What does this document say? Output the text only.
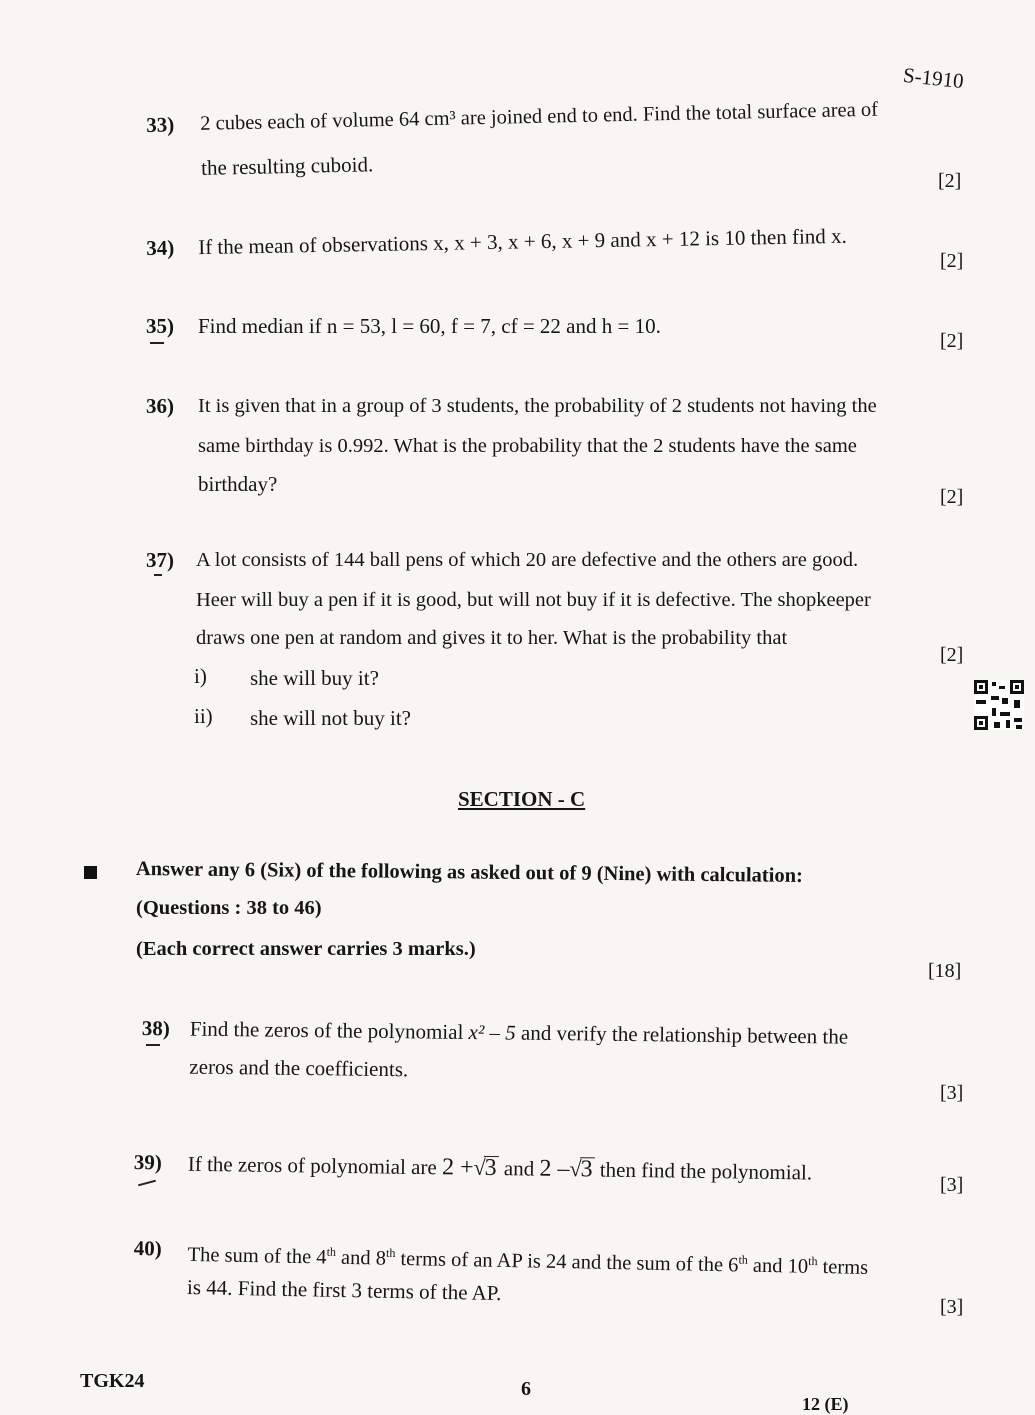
S-1910
33) 2 cubes each of volume 64 cm³ are joined end to end. Find the total surface area of
the resulting cuboid.
[2]
34) If the mean of observations x, x + 3, x + 6, x + 9 and x + 12 is 10 then find x.
[2]
35) Find median if n = 53, l = 60, f = 7, cf = 22 and h = 10.
[2]
36) It is given that in a group of 3 students, the probability of 2 students not having the
same birthday is 0.992. What is the probability that the 2 students have the same
birthday?
[2]
37) A lot consists of 144 ball pens of which 20 are defective and the others are good.
Heer will buy a pen if it is good, but will not buy if it is defective. The shopkeeper
draws one pen at random and gives it to her. What is the probability that
i) she will buy it?
ii) she will not buy it?
[2]
SECTION - C
Answer any 6 (Six) of the following as asked out of 9 (Nine) with calculation:
(Questions : 38 to 46)
(Each correct answer carries 3 marks.)
[18]
38) Find the zeros of the polynomial x² – 5 and verify the relationship between the
zeros and the coefficients.
[3]
39) If the zeros of polynomial are 2 +√3 and 2 –√3 then find the polynomial.
[3]
40) The sum of the 4th and 8th terms of an AP is 24 and the sum of the 6th and 10th terms
is 44. Find the first 3 terms of the AP.
[3]
TGK24	6
12 (E)
